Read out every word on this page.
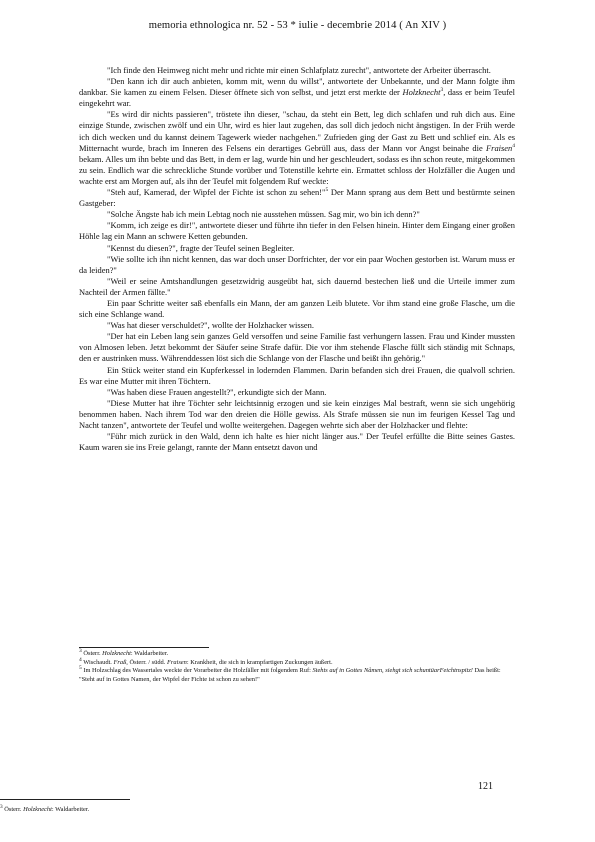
memoria ethnologica nr. 52 - 53 * iulie - decembrie 2014 ( An XIV )

"Ich finde den Heimweg nicht mehr und richte mir einen Schlafplatz zurecht", antwortete der Arbeiter überrascht.

"Den kann ich dir auch anbieten, komm mit, wenn du willst", antwortete der Unbekannte, und der Mann folgte ihm dankbar. Sie kamen zu einem Felsen. Dieser öffnete sich von selbst, und jetzt erst merkte der Holzknecht$^3$, dass er beim Teufel eingekehrt war.

"Es wird dir nichts passieren", tröstete ihn dieser, "schau, da steht ein Bett, leg dich schlafen und ruh dich aus. Eine einzige Stunde, zwischen zwölf und ein Uhr, wird es hier laut zugehen, das soll dich jedoch nicht ängstigen. In der Früh werde ich dich wecken und du kannst deinem Tagewerk wieder nachgehen." Zufrieden ging der Gast zu Bett und schlief ein. Als es Mitternacht wurde, brach im Inneren des Felsens ein derartiges Gebrüll aus, dass der Mann vor Angst beinahe die Fraisen$^4$ bekam. Alles um ihn bebte und das Bett, in dem er lag, wurde hin und her geschleudert, sodass es ihn schon reute, mitgekommen zu sein. Endlich war die schreckliche Stunde vorüber und Totenstille kehrte ein. Ermattet schloss der Holzfäller die Augen und wachte erst am Morgen auf, als ihn der Teufel mit folgendem Ruf weckte:

"Steh auf, Kamerad, der Wipfel der Fichte ist schon zu sehen!"$^5$ Der Mann sprang aus dem Bett und bestürmte seinen Gastgeber:

"Solche Ängste hab ich mein Lebtag noch nie ausstehen müssen. Sag mir, wo bin ich denn?"

"Komm, ich zeige es dir!", antwortete dieser und führte ihn tiefer in den Felsen hinein. Hinter dem Eingang einer großen Höhle lag ein Mann an schwere Ketten gebunden.

"Kennst du diesen?", fragte der Teufel seinen Begleiter.

"Wie sollte ich ihn nicht kennen, das war doch unser Dorfrichter, der vor ein paar Wochen gestorben ist. Warum muss er da leiden?"

"Weil er seine Amtshandlungen gesetzwidrig ausgeübt hat, sich dauernd bestechen ließ und die Urteile immer zum Nachteil der Armen fällte."

Ein paar Schritte weiter saß ebenfalls ein Mann, der am ganzen Leib blutete. Vor ihm stand eine große Flasche, um die sich eine Schlange wand.

"Was hat dieser verschuldet?", wollte der Holzhacker wissen.

"Der hat ein Leben lang sein ganzes Geld versoffen und seine Familie fast verhungern lassen. Frau und Kinder mussten von Almosen leben. Jetzt bekommt der Säufer seine Strafe dafür. Die vor ihm stehende Flasche füllt sich ständig mit Schnaps, den er austrinken muss. Währenddessen löst sich die Schlange von der Flasche und beißt ihn gehörig."

Ein Stück weiter stand ein Kupferkessel in lodernden Flammen. Darin befanden sich drei Frauen, die qualvoll schrien. Es war eine Mutter mit ihren Töchtern.

"Was haben diese Frauen angestellt?", erkundigte sich der Mann.

"Diese Mutter hat ihre Töchter sehr leichtsinnig erzogen und sie kein einziges Mal bestraft, wenn sie sich ungehörig benommen haben. Nach ihrem Tod war den dreien die Hölle gewiss. Als Strafe müssen sie nun im feurigen Kessel Tag und Nacht tanzen", antwortete der Teufel und wollte weitergehen. Dagegen wehrte sich aber der Holzhacker und flehte:

"Führ mich zurück in den Wald, denn ich halte es hier nicht länger aus." Der Teufel erfüllte die Bitte seines Gastes. Kaum waren sie ins Freie gelangt, rannte der Mann entsetzt davon und

$^3$ Österr. Holzknecht: Waldarbeiter.

$^4$ Wischaudt. Fraß, Österr. / südd. Fraisen: Krankheit, die sich in krampfartigen Zuckungen äußert.

$^5$ Im Holzschlag des Wassertales weckte der Vorarbeiter die Holzfäller mit folgendem Ruf: Stehts auf in Gottes Nåmen, siehgt sich schuntüarFeichtnspitz! Das heißt: "Steht auf in Gottes Namen, der Wipfel der Fichte ist schon zu sehen!"

121
$^3$ Österr. Holzknecht: Waldarbeiter.
